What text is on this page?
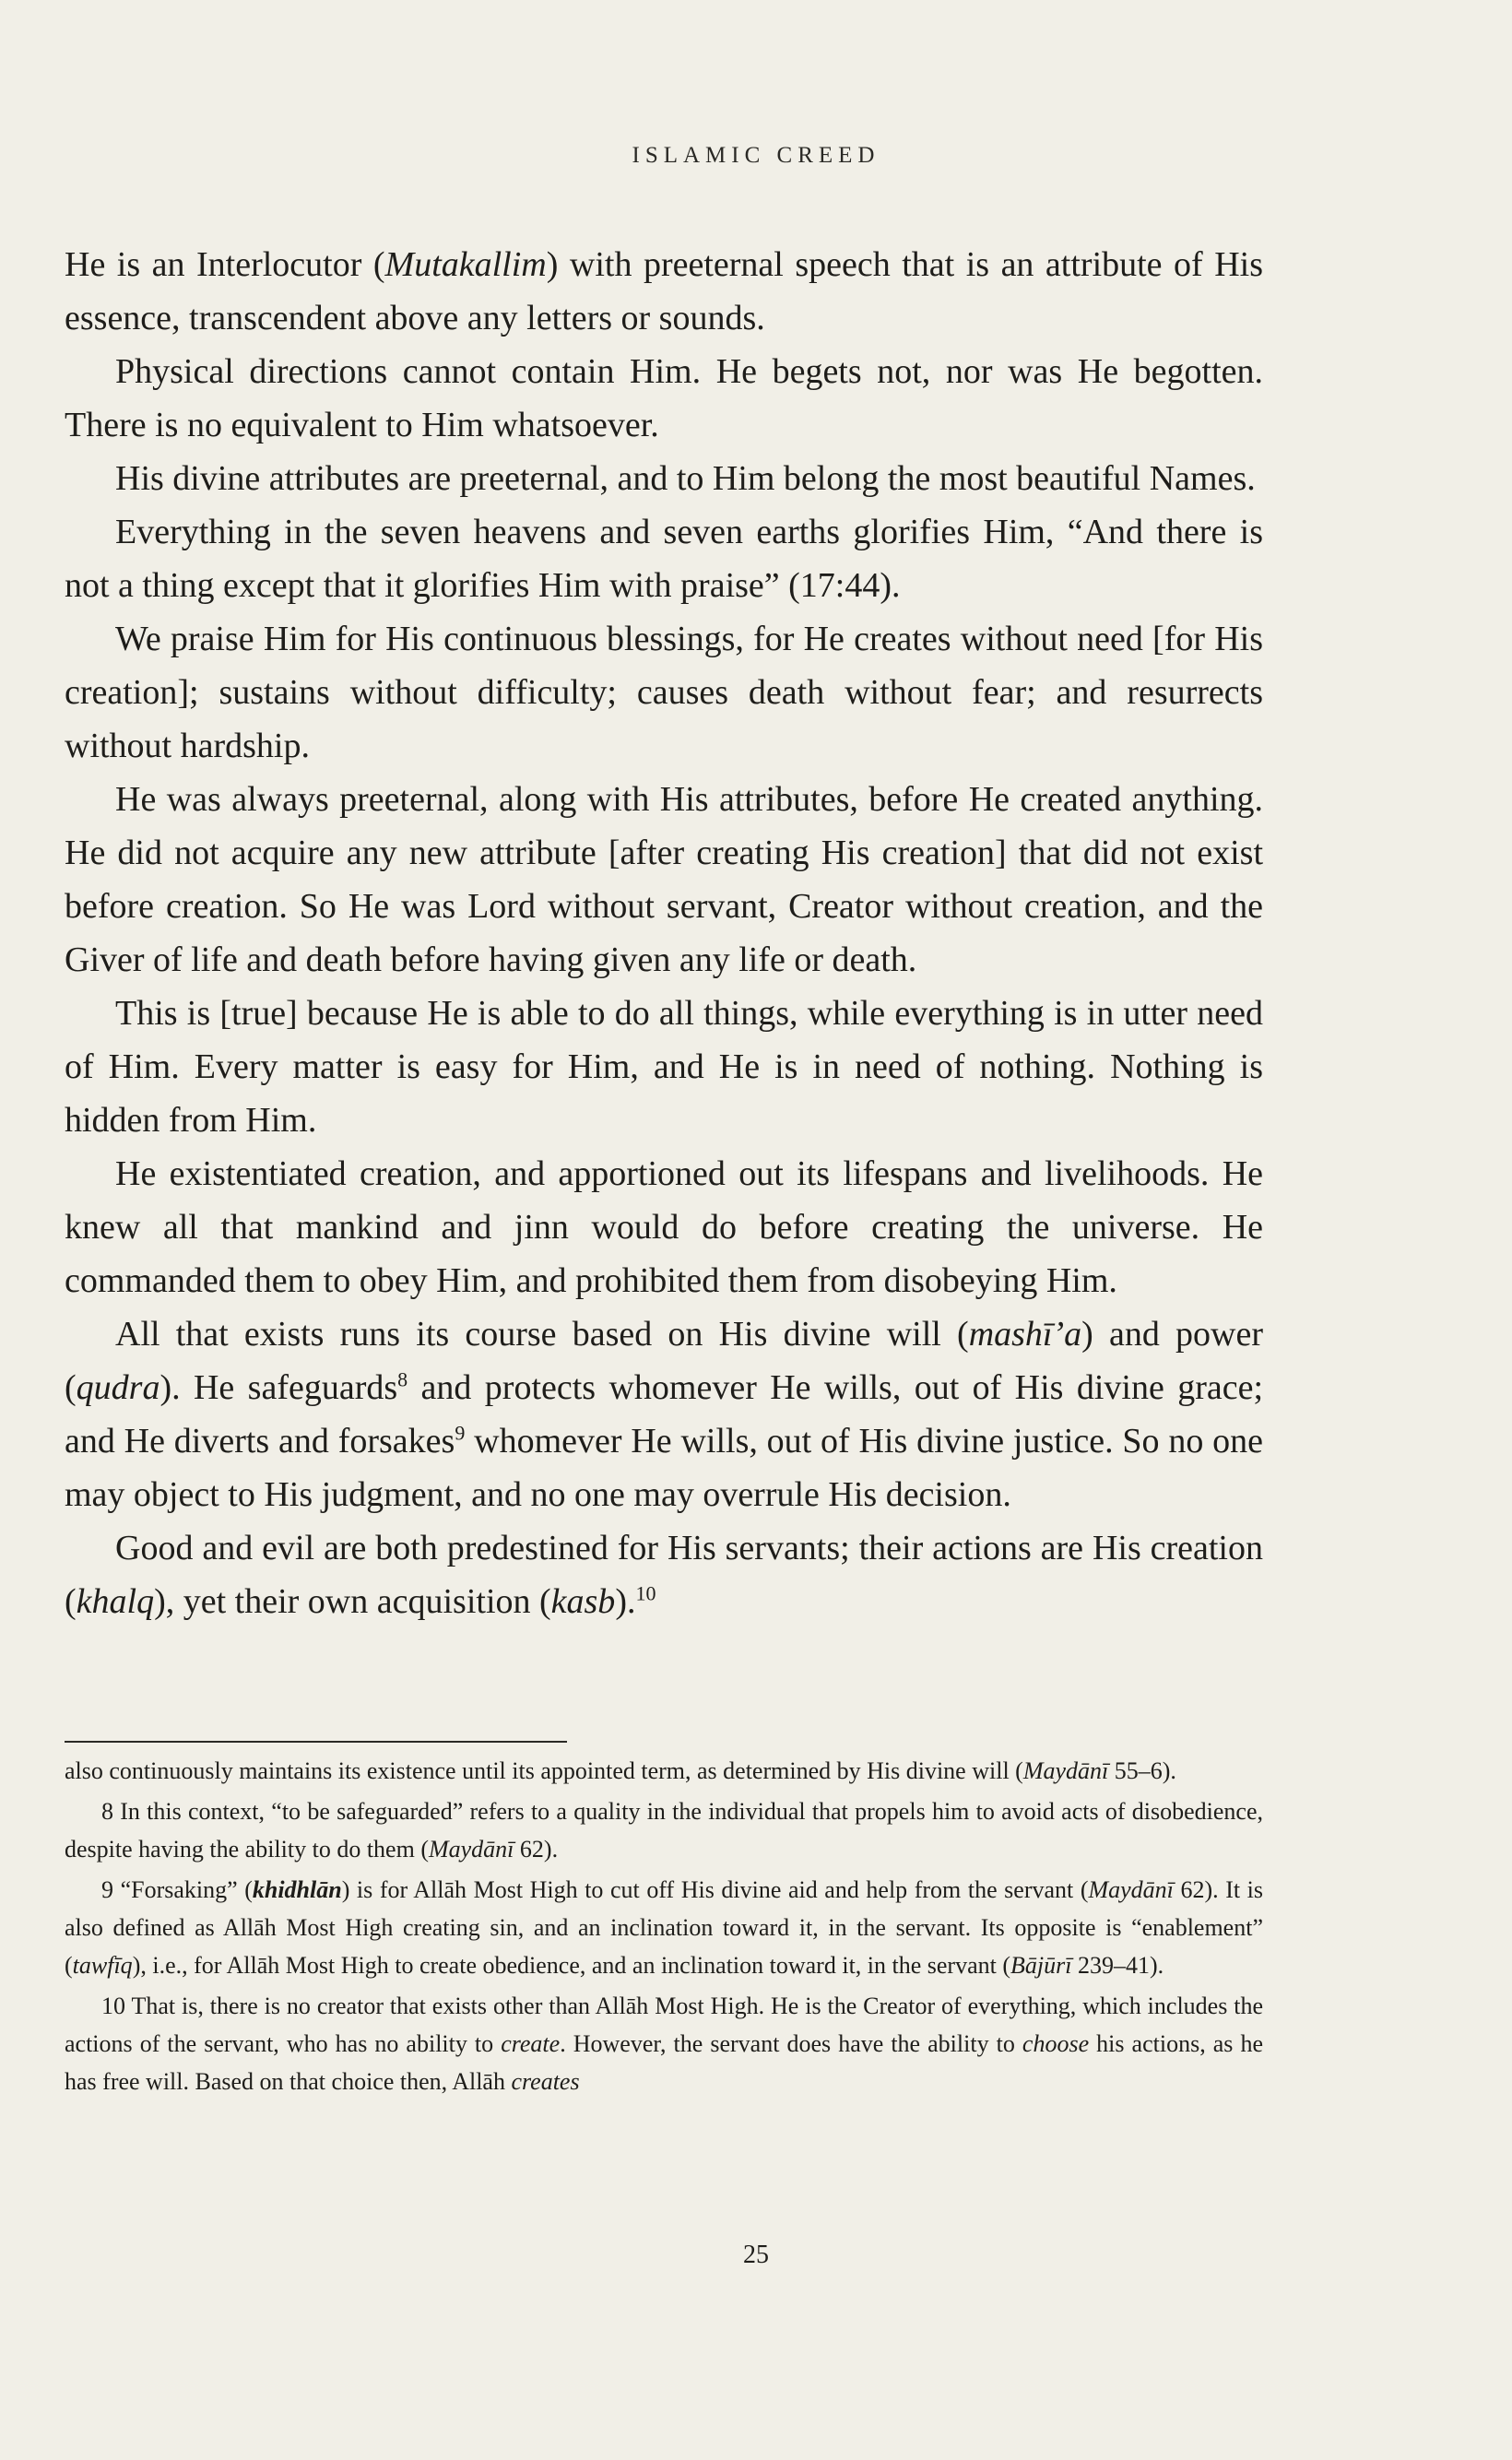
ISLAMIC CREED

He is an Interlocutor (Mutakallim) with preeternal speech that is an attribute of His essence, transcendent above any letters or sounds.

Physical directions cannot contain Him. He begets not, nor was He begotten. There is no equivalent to Him whatsoever.

His divine attributes are preeternal, and to Him belong the most beautiful Names.

Everything in the seven heavens and seven earths glorifies Him, “And there is not a thing except that it glorifies Him with praise” (17:44).

We praise Him for His continuous blessings, for He creates without need [for His creation]; sustains without difficulty; causes death without fear; and resurrects without hardship.

He was always preeternal, along with His attributes, before He created anything. He did not acquire any new attribute [after creating His creation] that did not exist before creation. So He was Lord without servant, Creator without creation, and the Giver of life and death before having given any life or death.

This is [true] because He is able to do all things, while everything is in utter need of Him. Every matter is easy for Him, and He is in need of nothing. Nothing is hidden from Him.

He existentiated creation, and apportioned out its lifespans and livelihoods. He knew all that mankind and jinn would do before creating the universe. He commanded them to obey Him, and prohibited them from disobeying Him.

All that exists runs its course based on His divine will (mashī’a) and power (qudra). He safeguards$^8$ and protects whomever He wills, out of His divine grace; and He diverts and forsakes$^9$ whomever He wills, out of His divine justice. So no one may object to His judgment, and no one may overrule His decision.

Good and evil are both predestined for His servants; their actions are His creation (khalq), yet their own acquisition (kasb).$^{10}$

also continuously maintains its existence until its appointed term, as determined by His divine will (Maydānī 55–6).

8 In this context, “to be safeguarded” refers to a quality in the individual that propels him to avoid acts of disobedience, despite having the ability to do them (Maydānī 62).

9 “Forsaking” (khidhlān) is for Allāh Most High to cut off His divine aid and help from the servant (Maydānī 62). It is also defined as Allāh Most High creating sin, and an inclination toward it, in the servant. Its opposite is “enablement” (tawfīq), i.e., for Allāh Most High to create obedience, and an inclination toward it, in the servant (Bājūrī 239–41).

10 That is, there is no creator that exists other than Allāh Most High. He is the Creator of everything, which includes the actions of the servant, who has no ability to create. However, the servant does have the ability to choose his actions, as he has free will. Based on that choice then, Allāh creates

25
